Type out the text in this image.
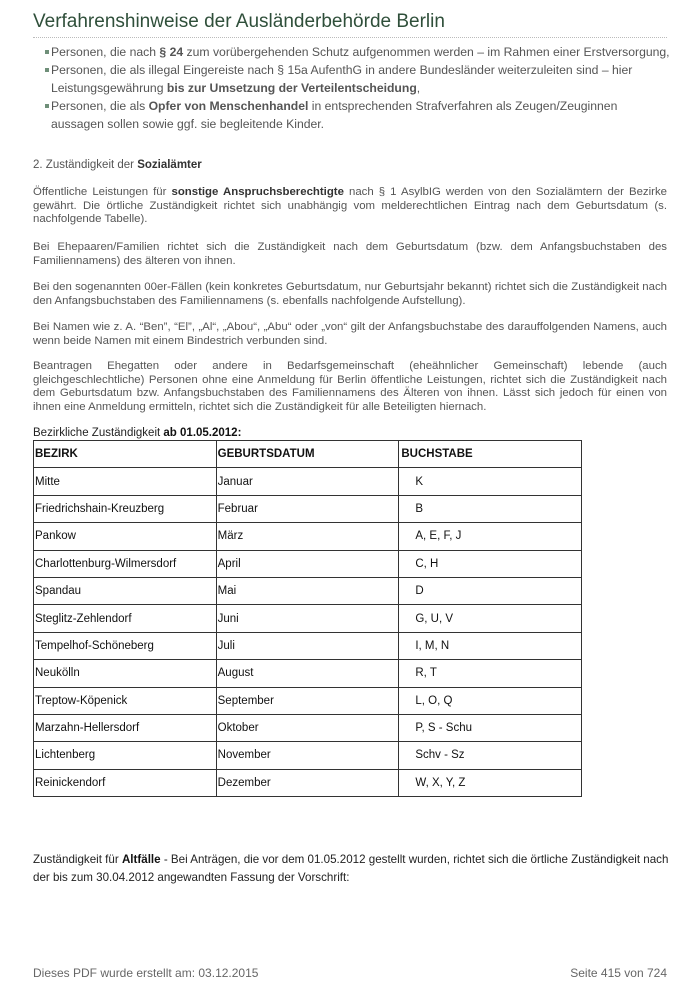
Verfahrenshinweise der Ausländerbehörde Berlin
Personen, die nach § 24 zum vorübergehenden Schutz aufgenommen werden – im Rahmen einer Erstversorgung,
Personen, die als illegal Eingereiste nach § 15a AufenthG in andere Bundesländer weiterzuleiten sind – hier Leistungsgewährung bis zur Umsetzung der Verteilentscheidung,
Personen, die als Opfer von Menschenhandel in entsprechenden Strafverfahren als Zeugen/Zeuginnen aussagen sollen sowie ggf. sie begleitende Kinder.

2. Zuständigkeit der Sozialämter

Öffentliche Leistungen für sonstige Anspruchsberechtigte nach § 1 AsylbIG werden von den Sozialämtern der Bezirke gewährt. Die örtliche Zuständigkeit richtet sich unabhängig vom melderechtlichen Eintrag nach dem Geburtsdatum (s. nachfolgende Tabelle).

Bei Ehepaaren/Familien richtet sich die Zuständigkeit nach dem Geburtsdatum (bzw. dem Anfangsbuchstaben des Familiennamens) des älteren von ihnen.

Bei den sogenannten 00er-Fällen (kein konkretes Geburtsdatum, nur Geburtsjahr bekannt) richtet sich die Zuständigkeit nach den Anfangsbuchstaben des Familiennamens (s. ebenfalls nachfolgende Aufstellung).

Bei Namen wie z. A. “Ben”, “El”, „Al“, „Abou“, „Abu“ oder „von“ gilt der Anfangsbuchstabe des darauffolgenden Namens, auch wenn beide Namen mit einem Bindestrich verbunden sind.

Beantragen Ehegatten oder andere in Bedarfsgemeinschaft (eheähnlicher Gemeinschaft) lebende (auch gleichgeschlechtliche) Personen ohne eine Anmeldung für Berlin öffentliche Leistungen, richtet sich die Zuständigkeit nach dem Geburtsdatum bzw. Anfangsbuchstaben des Familiennamens des Älteren von ihnen. Lässt sich jedoch für einen von ihnen eine Anmeldung ermitteln, richtet sich die Zuständigkeit für alle Beteiligten hiernach.

Bezirkliche Zuständigkeit ab 01.05.2012:

BEZIRK	GEBURTSDATUM	BUCHSTABE
Mitte	Januar	K
Friedrichshain-Kreuzberg	Februar	B
Pankow	März	A, E, F, J
Charlottenburg-Wilmersdorf	April	C, H
Spandau	Mai	D
Steglitz-Zehlendorf	Juni	G, U, V
Tempelhof-Schöneberg	Juli	I, M, N
Neukölln	August	R, T
Treptow-Köpenick	September	L, O, Q
Marzahn-Hellersdorf	Oktober	P, S - Schu
Lichtenberg	November	Schv - Sz
Reinickendorf	Dezember	W, X, Y, Z

Zuständigkeit für Altfälle - Bei Anträgen, die vor dem 01.05.2012 gestellt wurden, richtet sich die örtliche Zuständigkeit nach der bis zum 30.04.2012 angewandten Fassung der Vorschrift:

Dieses PDF wurde erstellt am: 03.12.2015	Seite 415 von 724
